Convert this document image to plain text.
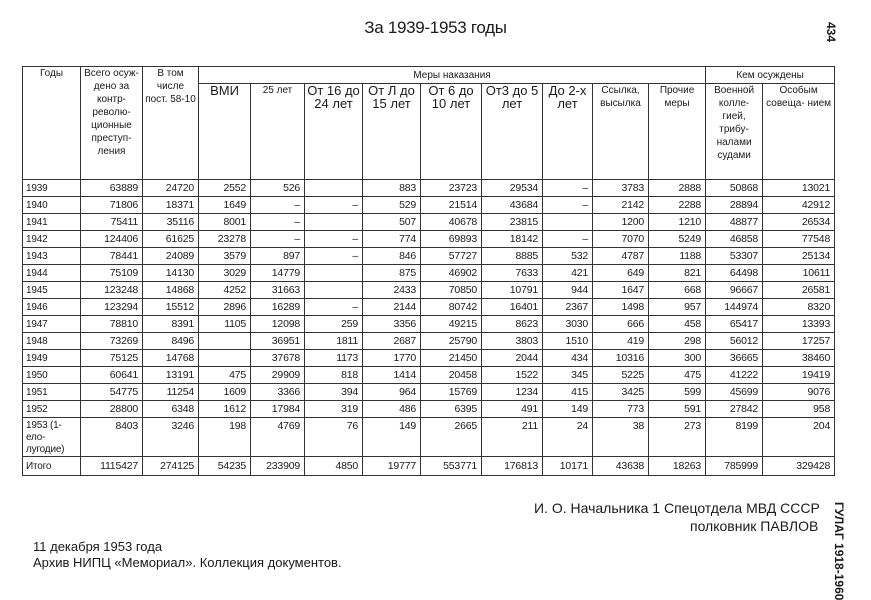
За 1939-1953 годы	434
ГУЛАГ 1918-1960
Годы	Всего осуж- дено за контр- револю- ционные преступ- ления	В том числе пост. 58-10	Меры наказания									Кем осуждены	
			ВМИ	25 лет	От 16 до 24 лет	От Л до 15 лет	От 6 до 10 лет	От3 до 5 лет	До 2-х лет	Ссылка, высылка	Прочие меры	Военной колле- гией, трибу- налами судами	Особым совеща- нием
1939	63889	24720	2552	526		883	23723	29534	–	3783	2888	50868	13021
1940	71806	18371	1649	–	–	529	21514	43684	–	2142	2288	28894	42912
1941	75411	35116	8001	–		507	40678	23815		1200	1210	48877	26534
1942	124406	61625	23278	–	–	774	69893	18142	–	7070	5249	46858	77548
1943	78441	24089	3579	897	–	846	57727	8885	532	4787	1188	53307	25134
1944	75109	14130	3029	14779		875	46902	7633	421	649	821	64498	10611
1945	123248	14868	4252	31663		2433	70850	10791	944	1647	668	96667	26581
1946	123294	15512	2896	16289	–	2144	80742	16401	2367	1498	957	144974	8320
1947	78810	8391	1105	12098	259	3356	49215	8623	3030	666	458	65417	13393
1948	73269	8496		36951	1811	2687	25790	3803	1510	419	298	56012	17257
1949	75125	14768		37678	1173	1770	21450	2044	434	10316	300	36665	38460
1950	60641	13191	475	29909	818	1414	20458	1522	345	5225	475	41222	19419
1951	54775	11254	1609	3366	394	964	15769	1234	415	3425	599	45699	9076
1952	28800	6348	1612	17984	319	486	6395	491	149	773	591	27842	958
1953 (1-ело- лугодие)	8403	3246	198	4769	76	149	2665	211	24	38	273	8199	204
Итого	1115427	274125	54235	233909	4850	19777	553771	176813	10171	43638	18263	785999	329428
И. О. Начальника 1 Спецотдела МВД СССР
полковник ПАВЛОВ
11 декабря 1953 года
Архив НИПЦ «Мемориал». Коллекция документов.
